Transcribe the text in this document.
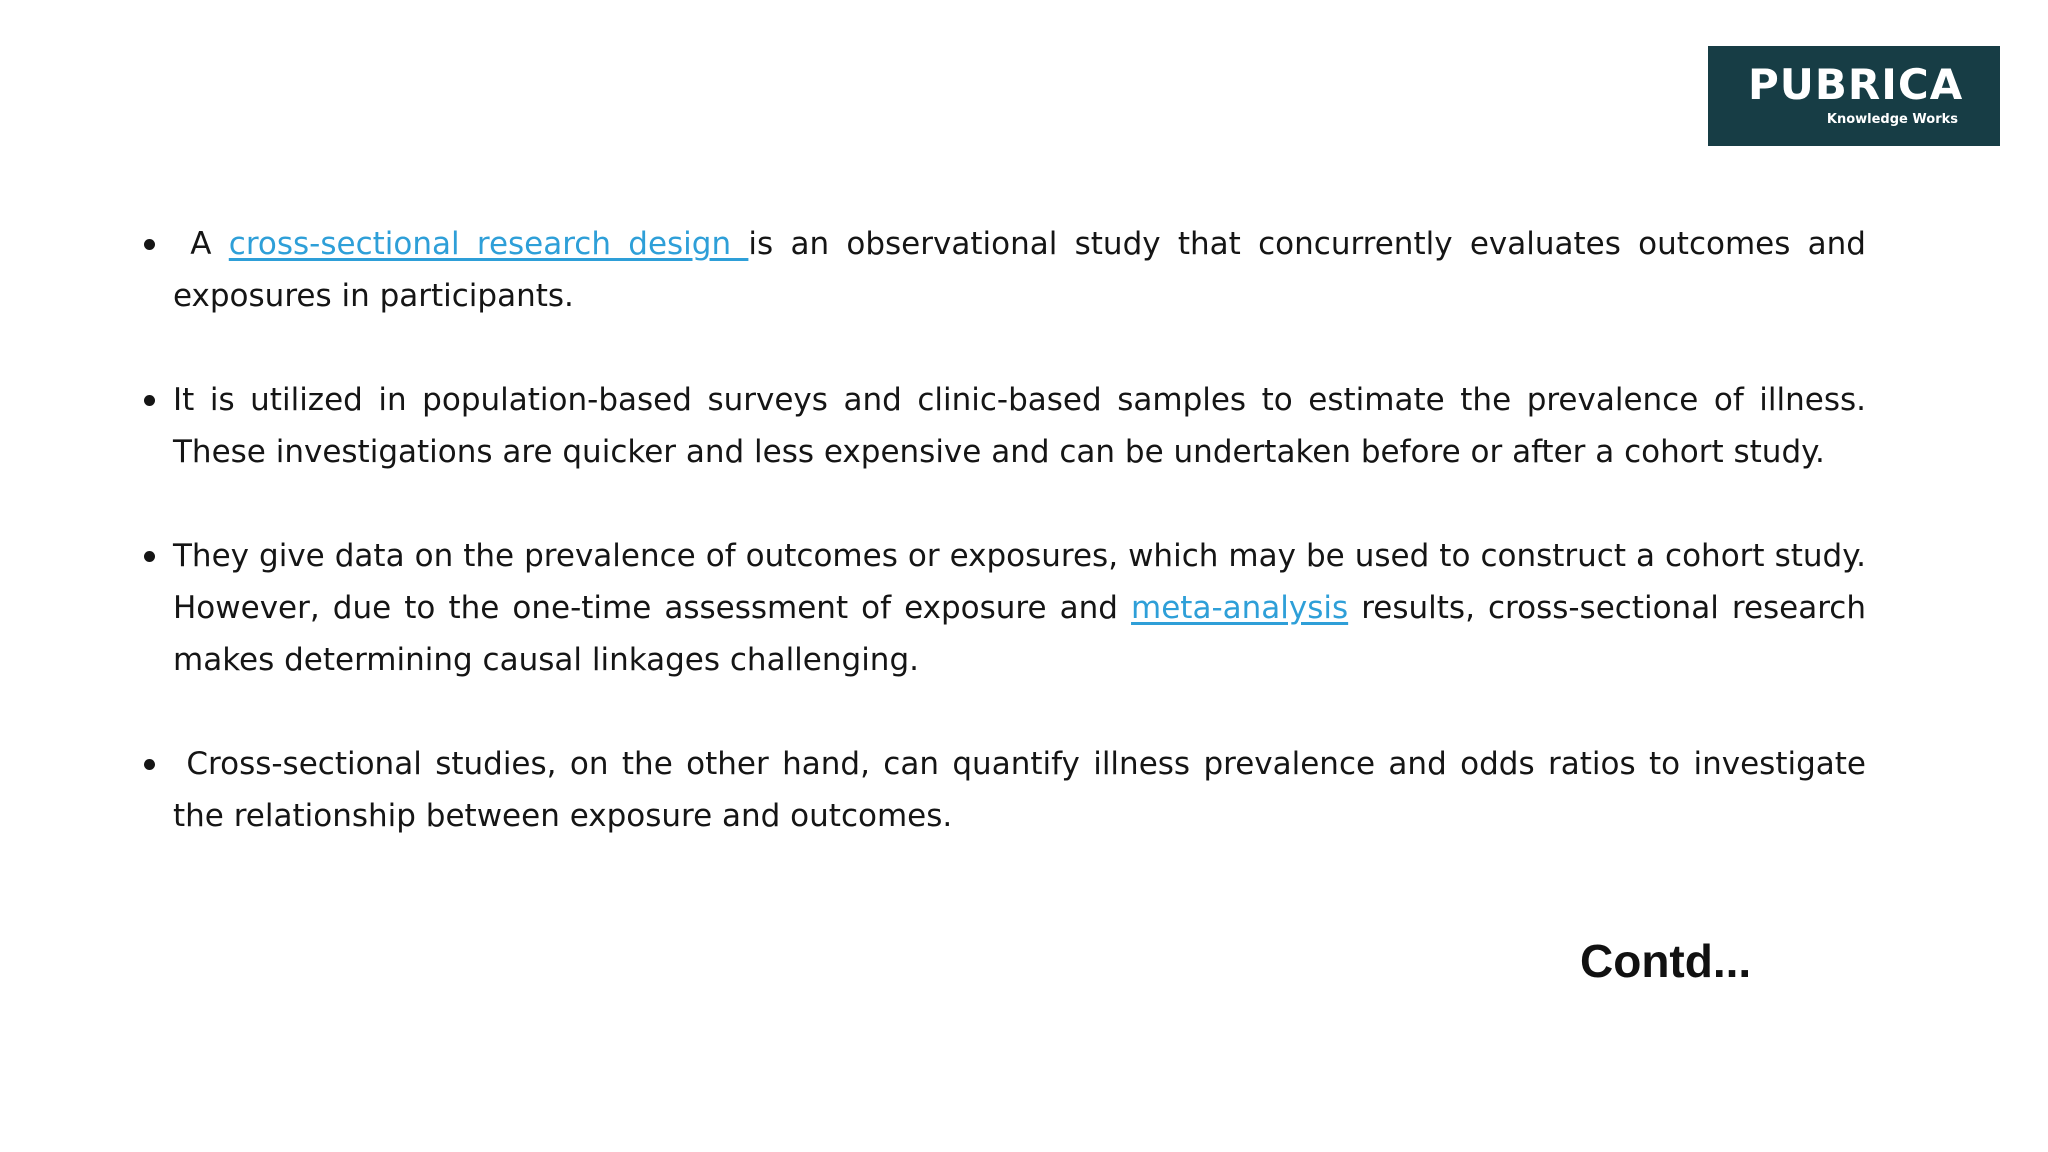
PUBRICA
Knowledge Works
A cross-sectional research design is an observational study that concurrently evaluates outcomes and exposures in participants.
It is utilized in population-based surveys and clinic-based samples to estimate the prevalence of illness. These investigations are quicker and less expensive and can be undertaken before or after a cohort study.
They give data on the prevalence of outcomes or exposures, which may be used to construct a cohort study. However, due to the one-time assessment of exposure and meta-analysis results, cross-sectional research makes determining causal linkages challenging.
Cross-sectional studies, on the other hand, can quantify illness prevalence and odds ratios to investigate the relationship between exposure and outcomes.
Contd...
